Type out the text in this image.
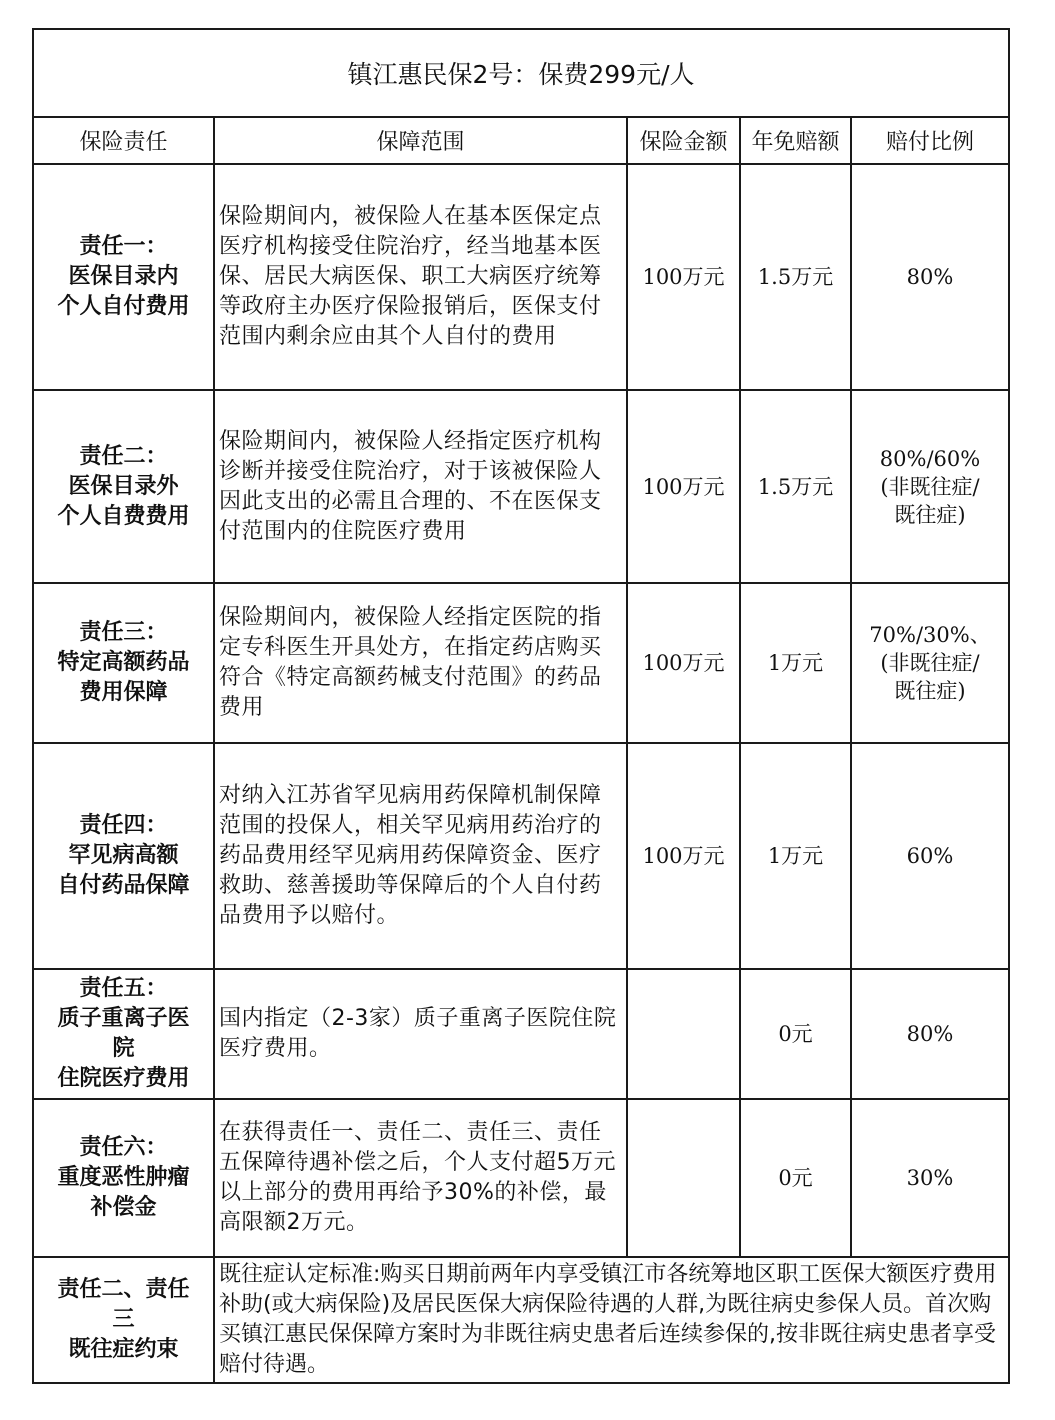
镇江惠民保2号：保费299元/人				
保险责任	保障范围	保险金额	年免赔额	赔付比例

责任一：
医保目录内
个人自付费用	保险期间内，被保险人在基本医保定点医疗机构接受住院治疗，经当地基本医保、居民大病医保、职工大病医疗统筹等政府主办医疗保险报销后，医保支付范围内剩余应由其个人自付的费用	100万元	1.5万元	80%

责任二：
医保目录外
个人自费费用	保险期间内，被保险人经指定医疗机构诊断并接受住院治疗，对于该被保险人因此支出的必需且合理的、不在医保支付范围内的住院医疗费用	100万元	1.5万元	80%/60%
(非既往症/
既往症)

责任三：
特定高额药品
费用保障	保险期间内，被保险人经指定医院的指定专科医生开具处方，在指定药店购买符合《特定高额药械支付范围》的药品费用	100万元	1万元	70%/30%、
(非既往症/
既往症)

责任四：
罕见病高额
自付药品保障	对纳入江苏省罕见病用药保障机制保障范围的投保人，相关罕见病用药治疗的药品费用经罕见病用药保障资金、医疗救助、慈善援助等保障后的个人自付药品费用予以赔付。	100万元	1万元	60%

责任五：
质子重离子医
院
住院医疗费用	国内指定（2-3家）质子重离子医院住院医疗费用。		0元	80%

责任六：
重度恶性肿瘤
补偿金	在获得责任一、责任二、责任三、责任五保障待遇补偿之后，个人支付超5万元以上部分的费用再给予30%的补偿，最高限额2万元。		0元	30%

责任二、责任
三
既往症约束	既往症认定标准:购买日期前两年内享受镇江市各统筹地区职工医保大额医疗费用补助(或大病保险)及居民医保大病保险待遇的人群,为既往病史参保人员。首次购买镇江惠民保保障方案时为非既往病史患者后连续参保的,按非既往病史患者享受赔付待遇。			
